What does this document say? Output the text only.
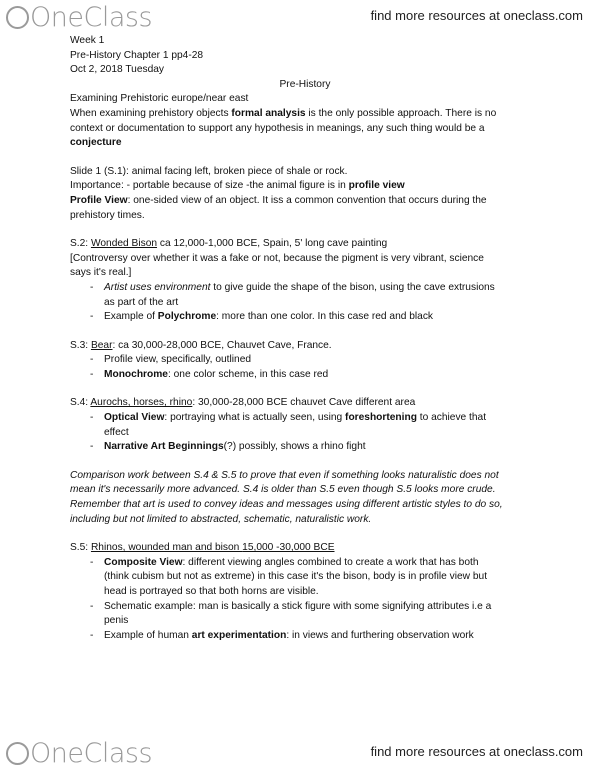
OneClass	find more resources at oneclass.com
Week 1
Pre-History Chapter 1 pp4-28
Oct 2, 2018 Tuesday
Pre-History
Examining Prehistoric europe/near east
When examining prehistory objects formal analysis is the only possible approach. There is no
context or documentation to support any hypothesis in meanings, any such thing would be a
conjecture
Slide 1 (S.1): animal facing left, broken piece of shale or rock.
Importance: - portable because of size -the animal figure is in profile view
Profile View: one-sided view of an object. It iss a common convention that occurs during the
prehistory times.
S.2: Wonded Bison ca 12,000-1,000 BCE, Spain, 5' long cave painting
[Controversy over whether it was a fake or not, because the pigment is very vibrant, science
says it's real.]
- Artist uses environment to give guide the shape of the bison, using the cave extrusions
as part of the art
- Example of Polychrome: more than one color. In this case red and black
S.3: Bear: ca 30,000-28,000 BCE, Chauvet Cave, France.
- Profile view, specifically, outlined
- Monochrome: one color scheme, in this case red
S.4: Aurochs, horses, rhino: 30,000-28,000 BCE chauvet Cave different area
- Optical View: portraying what is actually seen, using foreshortening to achieve that
effect
- Narrative Art Beginnings(?) possibly, shows a rhino fight
Comparison work between S.4 & S.5 to prove that even if something looks naturalistic does not
mean it's necessarily more advanced. S.4 is older than S.5 even though S.5 looks more crude.
Remember that art is used to convey ideas and messages using different artistic styles to do so,
including but not limited to abstracted, schematic, naturalistic work.
S.5: Rhinos, wounded man and bison 15,000 -30,000 BCE
- Composite View: different viewing angles combined to create a work that has both
(think cubism but not as extreme) in this case it's the bison, body is in profile view but
head is portrayed so that both horns are visible.
- Schematic example: man is basically a stick figure with some signifying attributes i.e a
penis
- Example of human art experimentation: in views and furthering observation work
OneClass	find more resources at oneclass.com
